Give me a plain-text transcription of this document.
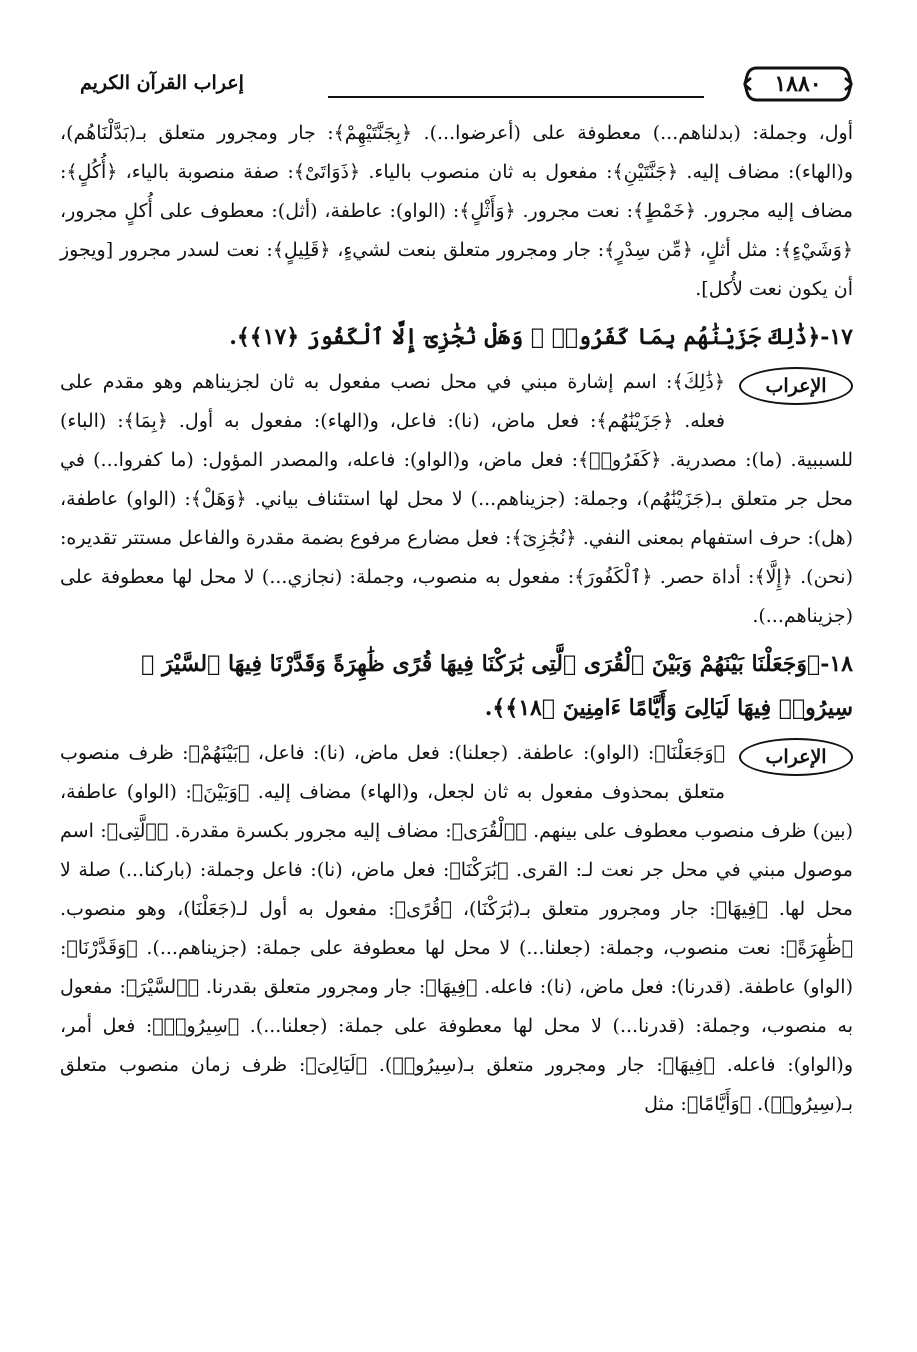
١٨٨٠
إعراب القرآن الكريم

أول، وجملة: (بدلناهم...) معطوفة على (أعرضوا...). ﴿بِجَنَّتَيْهِمْ﴾: جار ومجرور متعلق بـ(بَدَّلْنَاهُم)، و(الهاء): مضاف إليه. ﴿جَنَّتَيْنِ﴾: مفعول به ثان منصوب بالياء. ﴿ذَوَاتَىْ﴾: صفة منصوبة بالياء، ﴿أُكُلٍ﴾: مضاف إليه مجرور. ﴿خَمْطٍ﴾: نعت مجرور. ﴿وَأَثْلٍ﴾: (الواو): عاطفة، (أثل): معطوف على أُكلٍ مجرور، ﴿وَشَيْءٍ﴾: مثل أثلٍ، ﴿مِّن سِدْرٍ﴾: جار ومجرور متعلق بنعت لشيءٍ، ﴿قَلِيلٍ﴾: نعت لسدر مجرور [ويجوز أن يكون نعت لأُكل].

١٧-﴿ذَٰلِكَ جَزَيْنَٰهُم بِمَا كَفَرُوا۟ ۖ وَهَلْ نُجَٰزِىٓ إِلَّا ٱلْكَفُورَ ﴿١٧﴾﴾.
الإعراب

﴿ذَٰلِكَ﴾: اسم إشارة مبني في محل نصب مفعول به ثان لجزيناهم وهو مقدم على فعله. ﴿جَزَيْنَٰهُم﴾: فعل ماض، (نا): فاعل، و(الهاء): مفعول به أول. ﴿بِمَا﴾: (الباء) للسببية. (ما): مصدرية. ﴿كَفَرُوا۟﴾: فعل ماض، و(الواو): فاعله، والمصدر المؤول: (ما كفروا...) في محل جر متعلق بـ(جَزَيْنَٰهُم)، وجملة: (جزيناهم...) لا محل لها استئناف بياني. ﴿وَهَلْ﴾: (الواو) عاطفة، (هل): حرف استفهام بمعنى النفي. ﴿نُجَٰزِىٓ﴾: فعل مضارع مرفوع بضمة مقدرة والفاعل مستتر تقديره: (نحن). ﴿إِلَّا﴾: أداة حصر. ﴿ٱلْكَفُورَ﴾: مفعول به منصوب، وجملة: (نجازي...) لا محل لها معطوفة على (جزيناهم...).

١٨-﴿وَجَعَلْنَا بَيْنَهُمْ وَبَيْنَ ٱلْقُرَى ٱلَّتِى بَٰرَكْنَا فِيهَا قُرًى ظَٰهِرَةً وَقَدَّرْنَا فِيهَا ٱلسَّيْرَ ۖ سِيرُوا۟ فِيهَا لَيَالِىَ وَأَيَّامًا ءَامِنِينَ ﴿١٨﴾﴾.
الإعراب

﴿وَجَعَلْنَا﴾: (الواو): عاطفة. (جعلنا): فعل ماض، (نا): فاعل، ﴿بَيْنَهُمْ﴾: ظرف منصوب متعلق بمحذوف مفعول به ثان لجعل، و(الهاء) مضاف إليه. ﴿وَبَيْنَ﴾: (الواو) عاطفة، (بين) ظرف منصوب معطوف على بينهم. ﴿ٱلْقُرَى﴾: مضاف إليه مجرور بكسرة مقدرة. ﴿ٱلَّتِى﴾: اسم موصول مبني في محل جر نعت لـ: القرى. ﴿بَٰرَكْنَا﴾: فعل ماض، (نا): فاعل وجملة: (باركنا...) صلة لا محل لها. ﴿فِيهَا﴾: جار ومجرور متعلق بـ(بَٰرَكْنَا)، ﴿قُرًى﴾: مفعول به أول لـ(جَعَلْنَا)، وهو منصوب. ﴿ظَٰهِرَةً﴾: نعت منصوب، وجملة: (جعلنا...) لا محل لها معطوفة على جملة: (جزيناهم...). ﴿وَقَدَّرْنَا﴾: (الواو) عاطفة. (قدرنا): فعل ماض، (نا): فاعله. ﴿فِيهَا﴾: جار ومجرور متعلق بقدرنا. ﴿ٱلسَّيْرَ﴾: مفعول به منصوب، وجملة: (قدرنا...) لا محل لها معطوفة على جملة: (جعلنا...). ﴿سِيرُوا۟﴾: فعل أمر، و(الواو): فاعله. ﴿فِيهَا﴾: جار ومجرور متعلق بـ(سِيرُوا۟). ﴿لَيَالِىَ﴾: ظرف زمان منصوب متعلق بـ(سِيرُوا۟). ﴿وَأَيَّامًا﴾: مثل
